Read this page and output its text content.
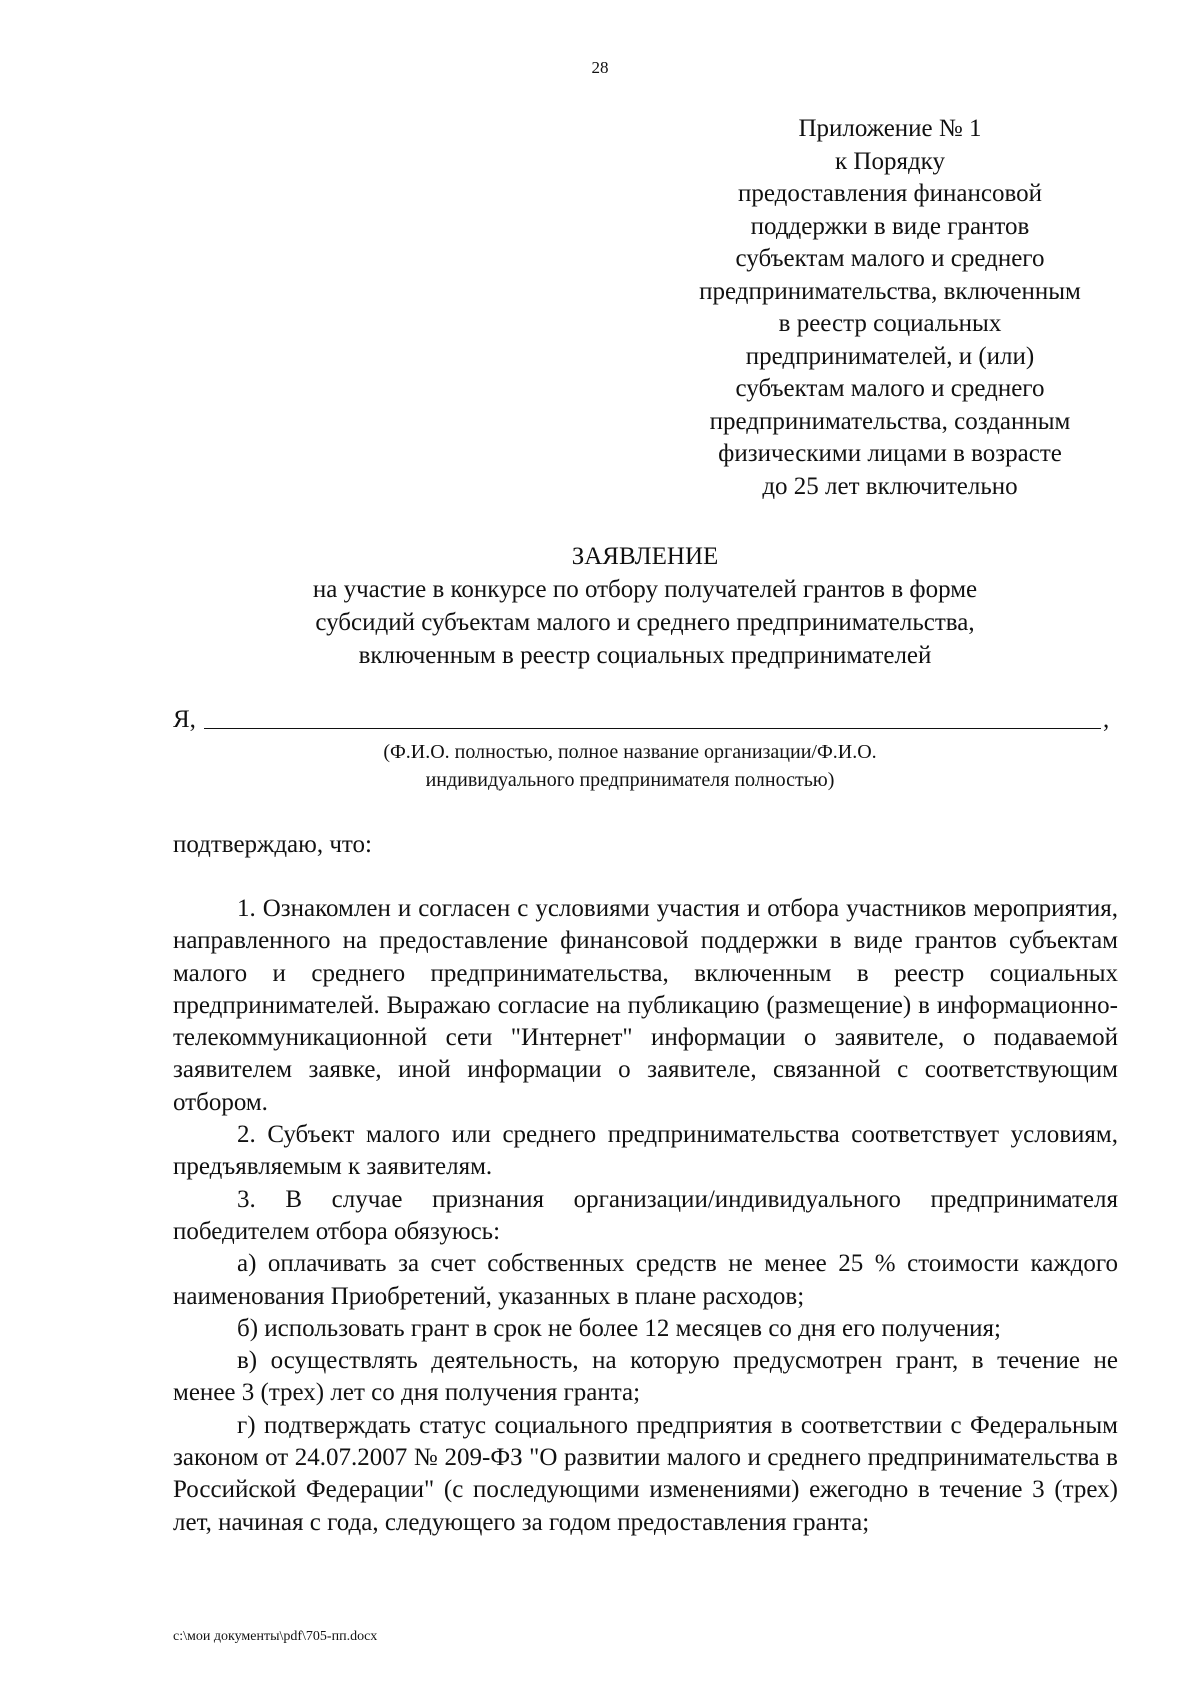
28
Приложение № 1
к Порядку
предоставления финансовой
поддержки в виде грантов
субъектам малого и среднего
предпринимательства, включенным
в реестр социальных
предпринимателей, и (или)
субъектам малого и среднего
предпринимательства, созданным
физическими лицами в возрасте
до 25 лет включительно
ЗАЯВЛЕНИЕ
на участие в конкурсе по отбору получателей грантов в форме
субсидий субъектам малого и среднего предпринимательства,
включенным в реестр социальных предпринимателей
Я,	,
(Ф.И.О. полностью, полное название организации/Ф.И.О.
индивидуального предпринимателя полностью)
подтверждаю, что:

1. Ознакомлен и согласен с условиями участия и отбора участников мероприятия, направленного на предоставление финансовой поддержки в виде грантов субъектам малого и среднего предпринимательства, включенным в реестр социальных предпринимателей. Выражаю согласие на публикацию (размещение) в информационно-телекоммуникационной сети "Интернет" информации о заявителе, о подаваемой заявителем заявке, иной информации о заявителе, связанной с соответствующим отбором.

2. Субъект малого или среднего предпринимательства соответствует условиям, предъявляемым к заявителям.

3. В случае признания организации/индивидуального предпринимателя победителем отбора обязуюсь:

а) оплачивать за счет собственных средств не менее 25 % стоимости каждого наименования Приобретений, указанных в плане расходов;

б) использовать грант в срок не более 12 месяцев со дня его получения;

в) осуществлять деятельность, на которую предусмотрен грант, в течение не менее 3 (трех) лет со дня получения гранта;

г) подтверждать статус социального предприятия в соответствии с Федеральным законом от 24.07.2007 № 209-ФЗ "О развитии малого и среднего предпринимательства в Российской Федерации" (с последующими изменениями) ежегодно в течение 3 (трех) лет, начиная с года, следующего за годом предоставления гранта;

c:\мои документы\pdf\705-пп.docx
